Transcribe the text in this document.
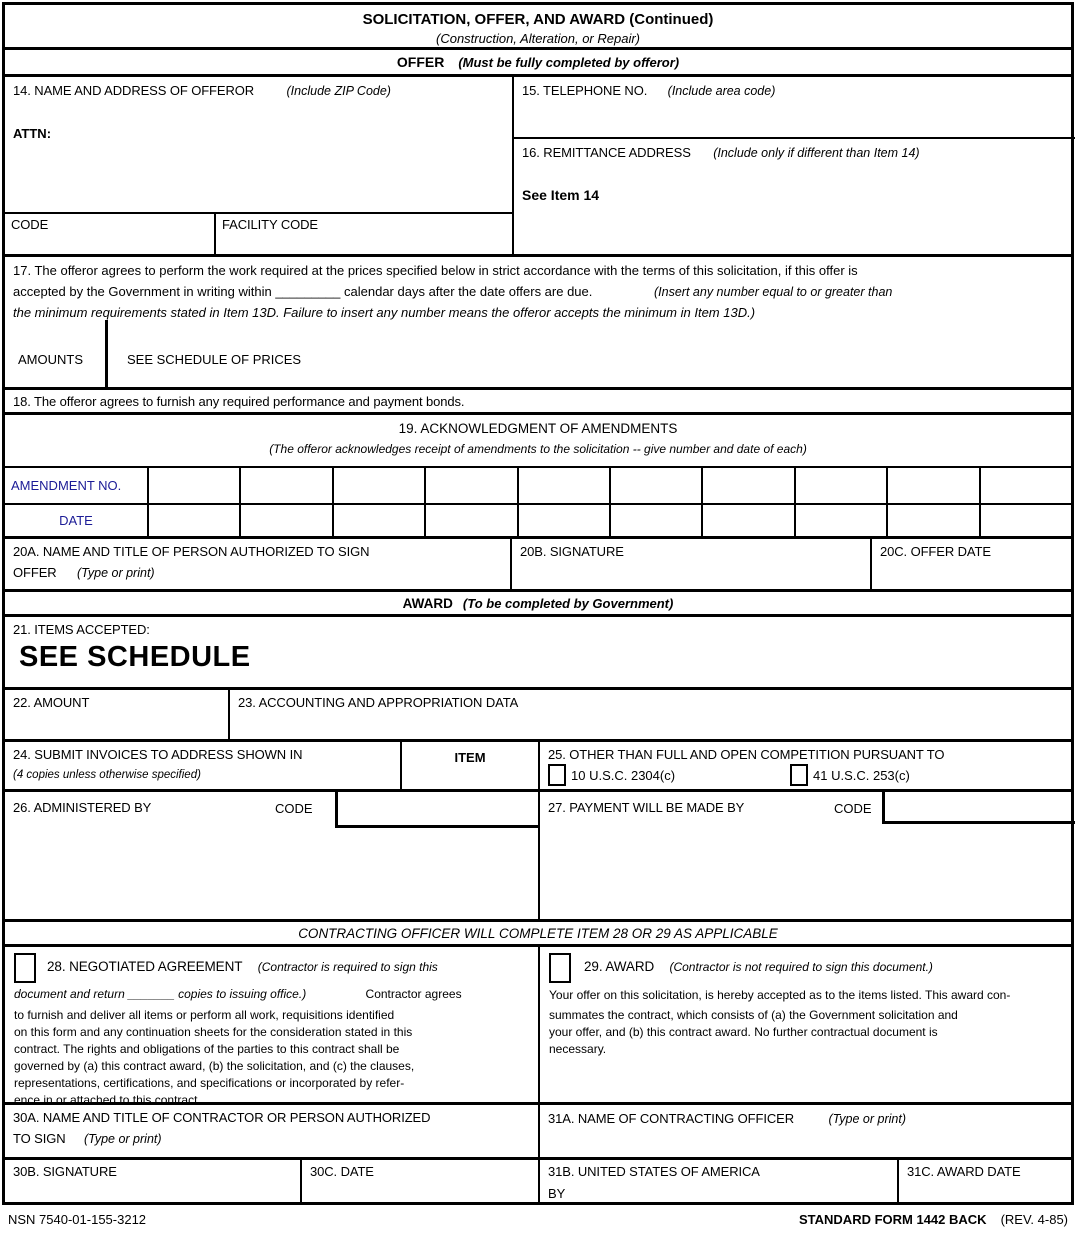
SOLICITATION, OFFER, AND AWARD (Continued)
(Construction, Alteration, or Repair)
OFFER (Must be fully completed by offeror)
14. NAME AND ADDRESS OF OFFEROR	(Include ZIP Code)
ATTN:
CODE	FACILITY CODE
15. TELEPHONE NO. (Include area code)
16. REMITTANCE ADDRESS (Include only if different than Item 14)
See Item 14
17. The offeror agrees to perform the work required at the prices specified below in strict accordance with the terms of this solicitation, if this offer is
accepted by the Government in writing within _________ calendar days after the date offers are due.	(Insert any number equal to or greater than
the minimum requirements stated in Item 13D. Failure to insert any number means the offeror accepts the minimum in Item 13D.)
AMOUNTS	SEE SCHEDULE OF PRICES
18. The offeror agrees to furnish any required performance and payment bonds.
19. ACKNOWLEDGMENT OF AMENDMENTS
(The offeror acknowledges receipt of amendments to the solicitation -- give number and date of each)
AMENDMENT NO.
DATE
20A. NAME AND TITLE OF PERSON AUTHORIZED TO SIGN
OFFER (Type or print)
20B. SIGNATURE	20C. OFFER DATE
AWARD (To be completed by Government)
21. ITEMS ACCEPTED:
SEE SCHEDULE
22. AMOUNT	23. ACCOUNTING AND APPROPRIATION DATA
24. SUBMIT INVOICES TO ADDRESS SHOWN IN
(4 copies unless otherwise specified)
ITEM	25. OTHER THAN FULL AND OPEN COMPETITION PURSUANT TO
10 U.S.C. 2304(c)	41 U.S.C. 253(c)
26. ADMINISTERED BY	CODE	27. PAYMENT WILL BE MADE BY	CODE
CONTRACTING OFFICER WILL COMPLETE ITEM 28 OR 29 AS APPLICABLE
28. NEGOTIATED AGREEMENT (Contractor is required to sign this
document and return _______ copies to issuing office.)	Contractor agrees
to furnish and deliver all items or perform all work, requisitions identified
on this form and any continuation sheets for the consideration stated in this
contract. The rights and obligations of the parties to this contract shall be
governed by (a) this contract award, (b) the solicitation, and (c) the clauses,
representations, certifications, and specifications or incorporated by refer-
ence in or attached to this contract.
29. AWARD (Contractor is not required to sign this document.)
Your offer on this solicitation, is hereby accepted as to the items listed. This award con-
summates the contract, which consists of (a) the Government solicitation and
your offer, and (b) this contract award. No further contractual document is
necessary.
30A. NAME AND TITLE OF CONTRACTOR OR PERSON AUTHORIZED
TO SIGN (Type or print)
31A. NAME OF CONTRACTING OFFICER	(Type or print)
30B. SIGNATURE	30C. DATE	31B. UNITED STATES OF AMERICA
BY
31C. AWARD DATE
NSN 7540-01-155-3212	STANDARD FORM 1442 BACK (REV. 4-85)
